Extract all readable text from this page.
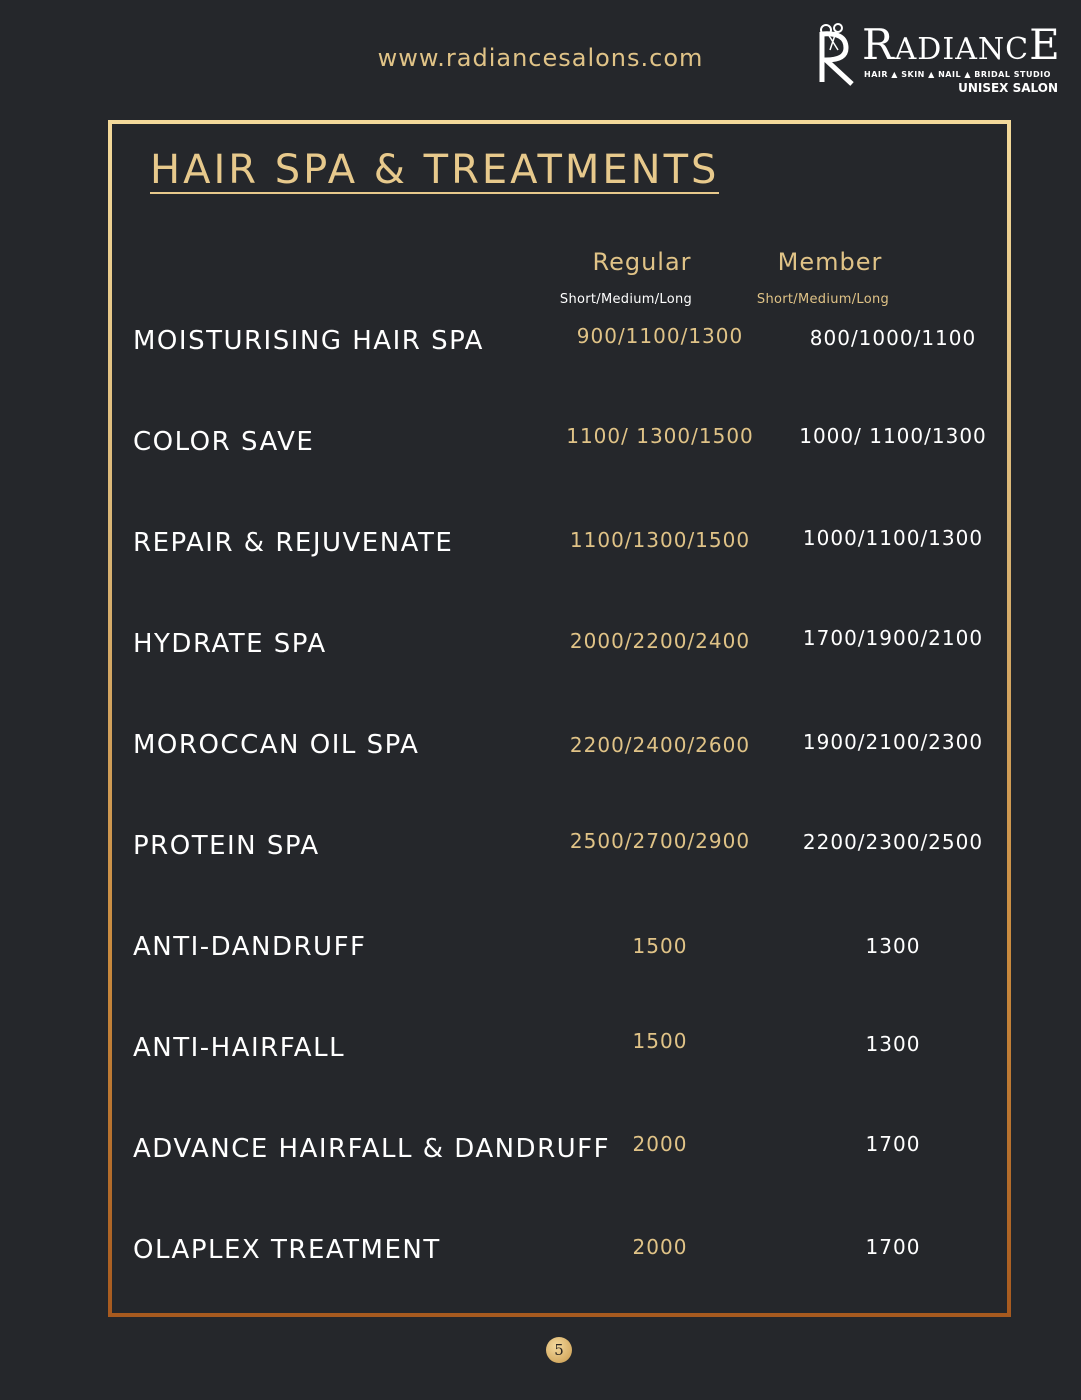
www.radiancesalons.com	RADIANCE
HAIR ▲ SKIN ▲ NAIL ▲ BRIDAL STUDIO
UNISEX SALON
HAIR SPA & TREATMENTS
Regular	Member
Short/Medium/Long	Short/Medium/Long
MOISTURISING HAIR SPA	900/1100/1300	800/1000/1100
COLOR SAVE	1100/ 1300/1500	1000/ 1100/1300
REPAIR & REJUVENATE	1100/1300/1500	1000/1100/1300
HYDRATE SPA	2000/2200/2400	1700/1900/2100
MOROCCAN OIL SPA	2200/2400/2600	1900/2100/2300
PROTEIN SPA	2500/2700/2900	2200/2300/2500
ANTI-DANDRUFF	1500	1300
ANTI-HAIRFALL	1500	1300
ADVANCE HAIRFALL & DANDRUFF	2000	1700
OLAPLEX TREATMENT	2000	1700
5
